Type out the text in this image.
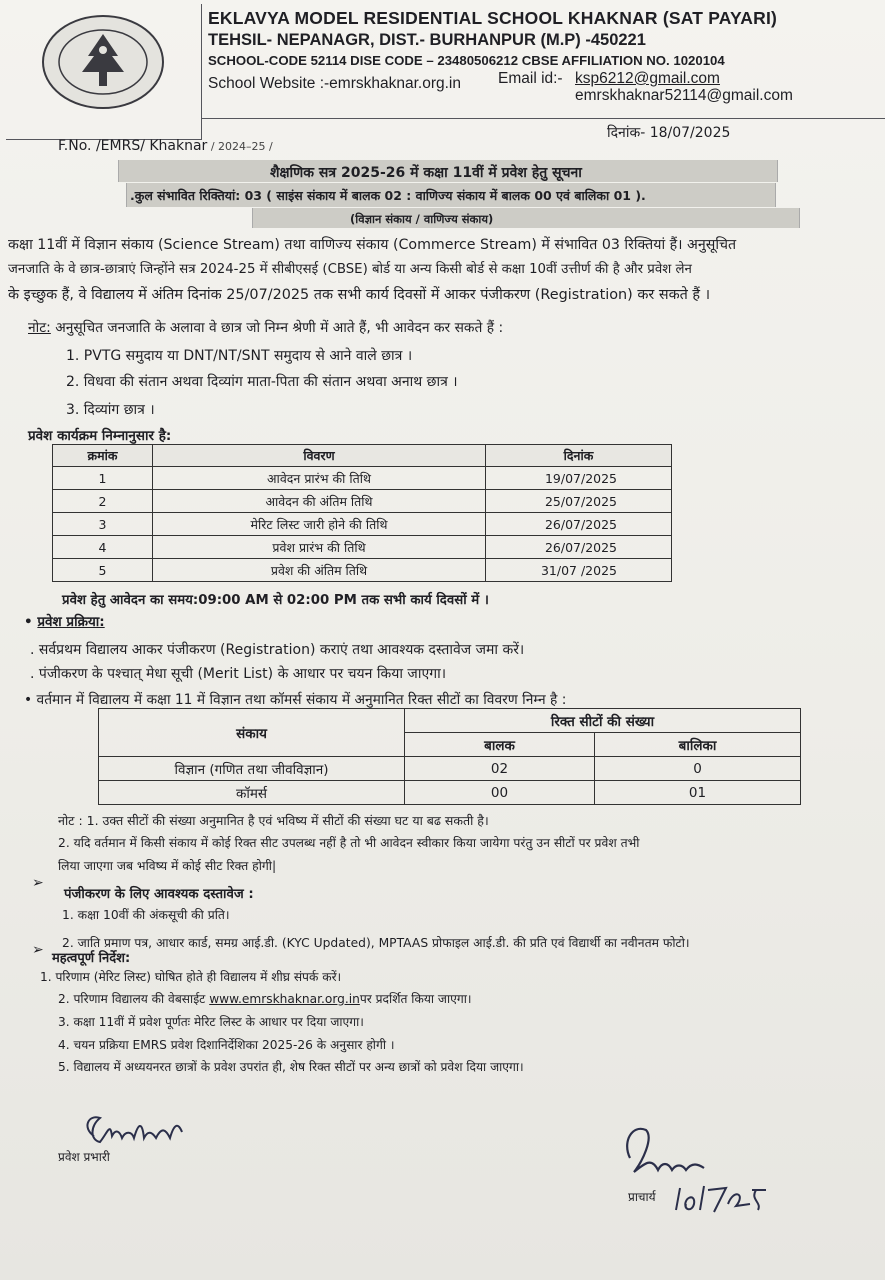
EKLAVYA MODEL RESIDENTIAL SCHOOL KHAKNAR (SAT PAYARI)
TEHSIL- NEPANAGR, DIST.- BURHANPUR (M.P) -450221
SCHOOL-CODE 52114 DISE CODE – 23480506212 CBSE AFFILIATION NO. 1020104
School Website :-emrskhaknar.org.in Email id:- ksp6212@gmail.com
emrskhaknar52114@gmail.com
दिनांक- 18/07/2025
F.No. /EMRS/ Khaknar / 2024–25 /
शैक्षणिक सत्र 2025-26 में कक्षा 11वीं में प्रवेश हेतु सूचना
.कुल संभावित रिक्तियां: 03 ( साइंस संकाय में बालक 02 : वाणिज्य संकाय में बालक 00 एवं बालिका 01 ).
(विज्ञान संकाय / वाणिज्य संकाय)
कक्षा 11वीं में विज्ञान संकाय (Science Stream) तथा वाणिज्य संकाय (Commerce Stream) में संभावित 03 रिक्तियां हैं। अनुसूचित
जनजाति के वे छात्र-छात्राएं जिन्होंने सत्र 2024-25 में सीबीएसई (CBSE) बोर्ड या अन्य किसी बोर्ड से कक्षा 10वीं उत्तीर्ण की है और प्रवेश लेन
के इच्छुक हैं, वे विद्यालय में अंतिम दिनांक 25/07/2025 तक सभी कार्य दिवसों में आकर पंजीकरण (Registration) कर सकते हैं ।
नोट: अनुसूचित जनजाति के अलावा वे छात्र जो निम्न श्रेणी में आते हैं, भी आवेदन कर सकते हैं :
1. PVTG समुदाय या DNT/NT/SNT समुदाय से आने वाले छात्र ।
2. विधवा की संतान अथवा दिव्यांग माता-पिता की संतान अथवा अनाथ छात्र ।
3. दिव्यांग छात्र ।
प्रवेश कार्यक्रम निम्नानुसार है:
क्रमांक	विवरण	दिनांक
1	आवेदन प्रारंभ की तिथि	19/07/2025
2	आवेदन की अंतिम तिथि	25/07/2025
3	मेरिट लिस्ट जारी होने की तिथि	26/07/2025
4	प्रवेश प्रारंभ की तिथि	26/07/2025
5	प्रवेश की अंतिम तिथि	31/07 /2025
प्रवेश हेतु आवेदन का समय:09:00 AM से 02:00 PM तक सभी कार्य दिवसों में ।
• प्रवेश प्रक्रिया:
. सर्वप्रथम विद्यालय आकर पंजीकरण (Registration) कराएं तथा आवश्यक दस्तावेज जमा करें।
. पंजीकरण के पश्चात् मेधा सूची (Merit List) के आधार पर चयन किया जाएगा।
• वर्तमान में विद्यालय में कक्षा 11 में विज्ञान तथा कॉमर्स संकाय में अनुमानित रिक्त सीटों का विवरण निम्न है :
संकाय	रिक्त सीटों की संख्या	
	बालक	बालिका
विज्ञान (गणित तथा जीवविज्ञान)	02	0
कॉमर्स	00	01
नोट : 1. उक्त सीटों की संख्या अनुमानित है एवं भविष्य में सीटों की संख्या घट या बढ सकती है।
2. यदि वर्तमान में किसी संकाय में कोई रिक्त सीट उपलब्ध नहीं है तो भी आवेदन स्वीकार किया जायेगा परंतु उन सीटों पर प्रवेश तभी
लिया जाएगा जब भविष्य में कोई सीट रिक्त होगी|
➢
पंजीकरण के लिए आवश्यक दस्तावेज :
1. कक्षा 10वीं की अंकसूची की प्रति।
2. जाति प्रमाण पत्र, आधार कार्ड, समग्र आई.डी. (KYC Updated), MPTAAS प्रोफाइल आई.डी. की प्रति एवं विद्यार्थी का नवीनतम फोटो।
➢
महत्वपूर्ण निर्देश:
1. परिणाम (मेरिट लिस्ट) घोषित होते ही विद्यालय में शीघ्र संपर्क करें।
2. परिणाम विद्यालय की वेबसाईट www.emrskhaknar.org.inपर प्रदर्शित किया जाएगा।
3. कक्षा 11वीं में प्रवेश पूर्णतः मेरिट लिस्ट के आधार पर दिया जाएगा।
4. चयन प्रक्रिया EMRS प्रवेश दिशानिर्देशिका 2025-26 के अनुसार होगी ।
5. विद्यालय में अध्ययनरत छात्रों के प्रवेश उपरांत ही, शेष रिक्त सीटों पर अन्य छात्रों को प्रवेश दिया जाएगा।
प्रवेश प्रभारी
प्राचार्य
